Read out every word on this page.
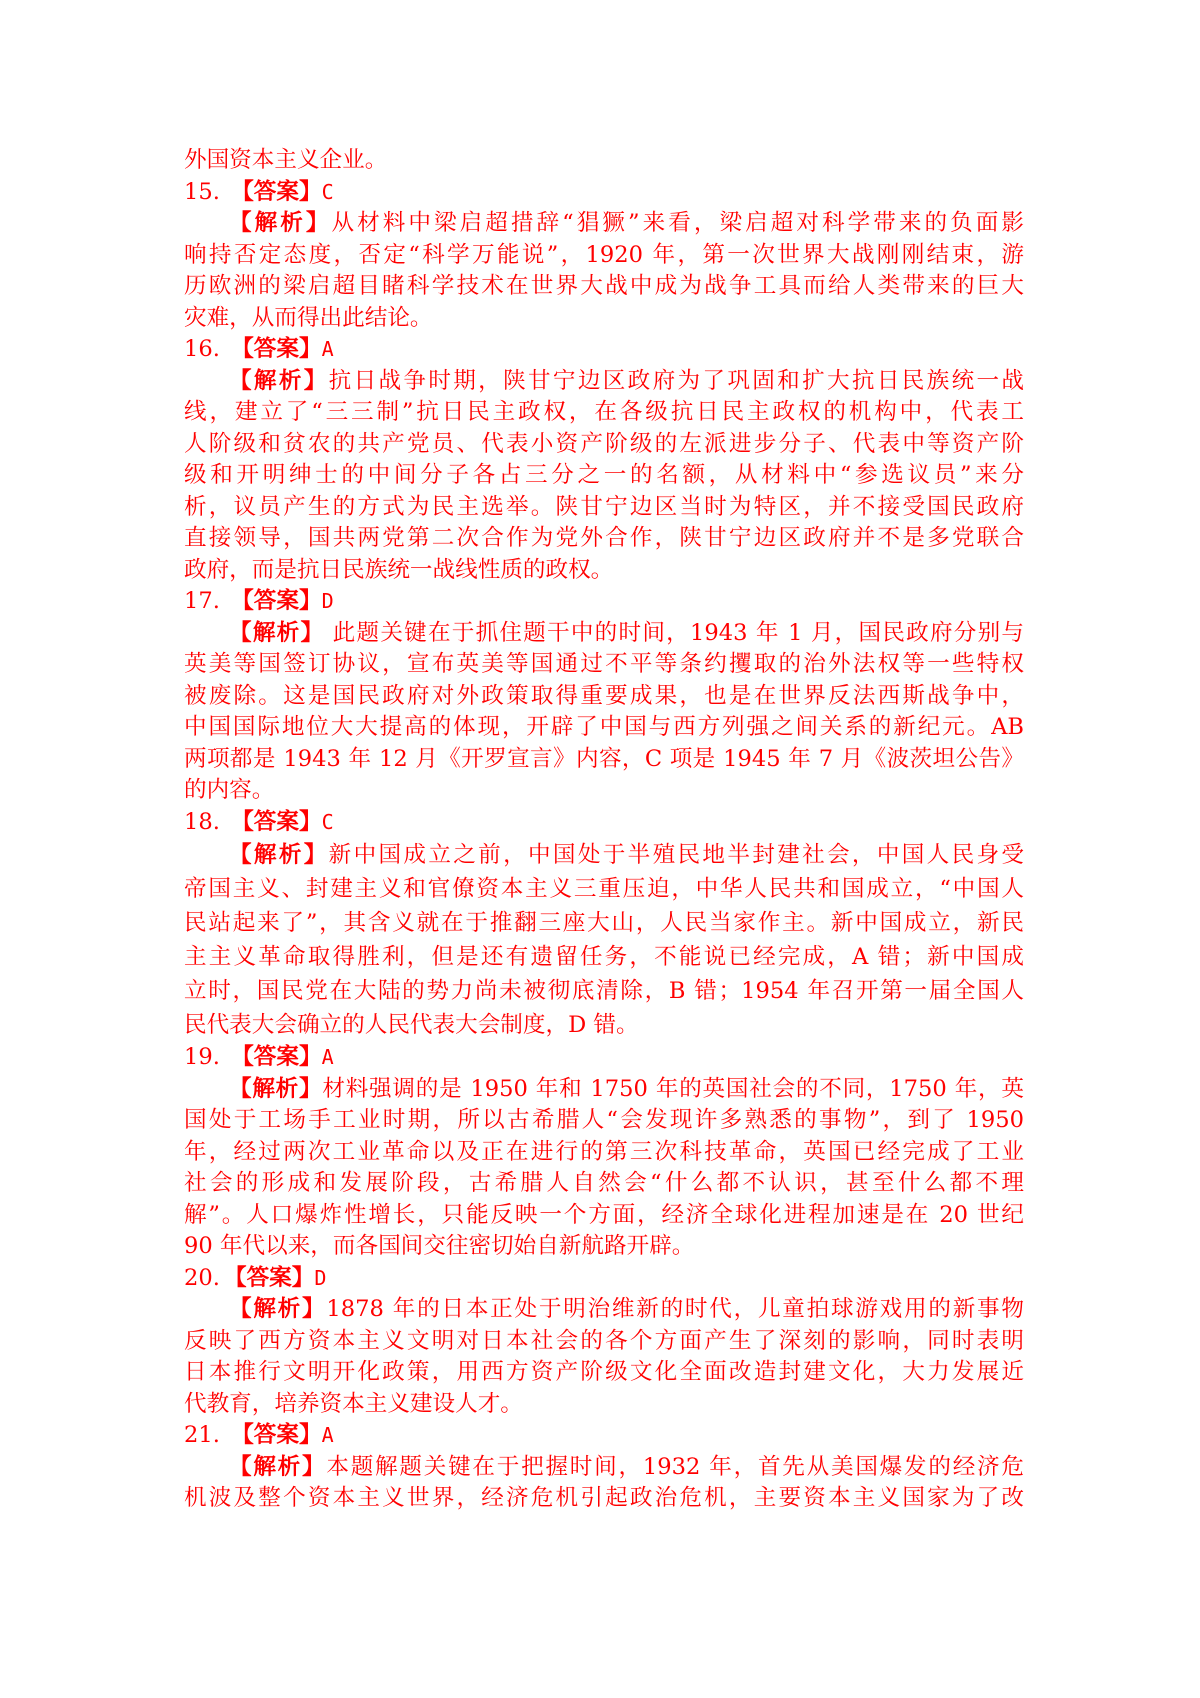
外国资本主义企业。
15. 【答案】C
【解析】从材料中梁启超措辞“猖獗”来看，梁启超对科学带来的负面影
响持否定态度，否定“科学万能说”，1920 年，第一次世界大战刚刚结束，游
历欧洲的梁启超目睹科学技术在世界大战中成为战争工具而给人类带来的巨大
灾难，从而得出此结论。
16. 【答案】A
【解析】抗日战争时期，陕甘宁边区政府为了巩固和扩大抗日民族统一战
线，建立了“三三制”抗日民主政权，在各级抗日民主政权的机构中，代表工
人阶级和贫农的共产党员、代表小资产阶级的左派进步分子、代表中等资产阶
级和开明绅士的中间分子各占三分之一的名额，从材料中“参选议员”来分
析，议员产生的方式为民主选举。陕甘宁边区当时为特区，并不接受国民政府
直接领导，国共两党第二次合作为党外合作，陕甘宁边区政府并不是多党联合
政府，而是抗日民族统一战线性质的政权。
17. 【答案】D
【解析】 此题关键在于抓住题干中的时间，1943 年 1 月，国民政府分别与
英美等国签订协议，宣布英美等国通过不平等条约攫取的治外法权等一些特权
被废除。这是国民政府对外政策取得重要成果，也是在世界反法西斯战争中，
中国国际地位大大提高的体现，开辟了中国与西方列强之间关系的新纪元。AB
两项都是 1943 年 12 月《开罗宣言》内容，C 项是 1945 年 7 月《波茨坦公告》
的内容。
18. 【答案】C
【解析】新中国成立之前，中国处于半殖民地半封建社会，中国人民身受
帝国主义、封建主义和官僚资本主义三重压迫，中华人民共和国成立，“中国人
民站起来了”，其含义就在于推翻三座大山，人民当家作主。新中国成立，新民
主主义革命取得胜利，但是还有遗留任务，不能说已经完成，A 错；新中国成
立时，国民党在大陆的势力尚未被彻底清除，B 错；1954 年召开第一届全国人
民代表大会确立的人民代表大会制度，D 错。
19. 【答案】A
【解析】材料强调的是 1950 年和 1750 年的英国社会的不同，1750 年，英
国处于工场手工业时期，所以古希腊人“会发现许多熟悉的事物”，到了 1950
年，经过两次工业革命以及正在进行的第三次科技革命，英国已经完成了工业
社会的形成和发展阶段，古希腊人自然会“什么都不认识，甚至什么都不理
解”。人口爆炸性增长，只能反映一个方面，经济全球化进程加速是在 20 世纪
90 年代以来，而各国间交往密切始自新航路开辟。
20. 【答案】D
【解析】1878 年的日本正处于明治维新的时代，儿童拍球游戏用的新事物
反映了西方资本主义文明对日本社会的各个方面产生了深刻的影响，同时表明
日本推行文明开化政策，用西方资产阶级文化全面改造封建文化，大力发展近
代教育，培养资本主义建设人才。
21. 【答案】A
【解析】本题解题关键在于把握时间，1932 年，首先从美国爆发的经济危
机波及整个资本主义世界，经济危机引起政治危机，主要资本主义国家为了改
